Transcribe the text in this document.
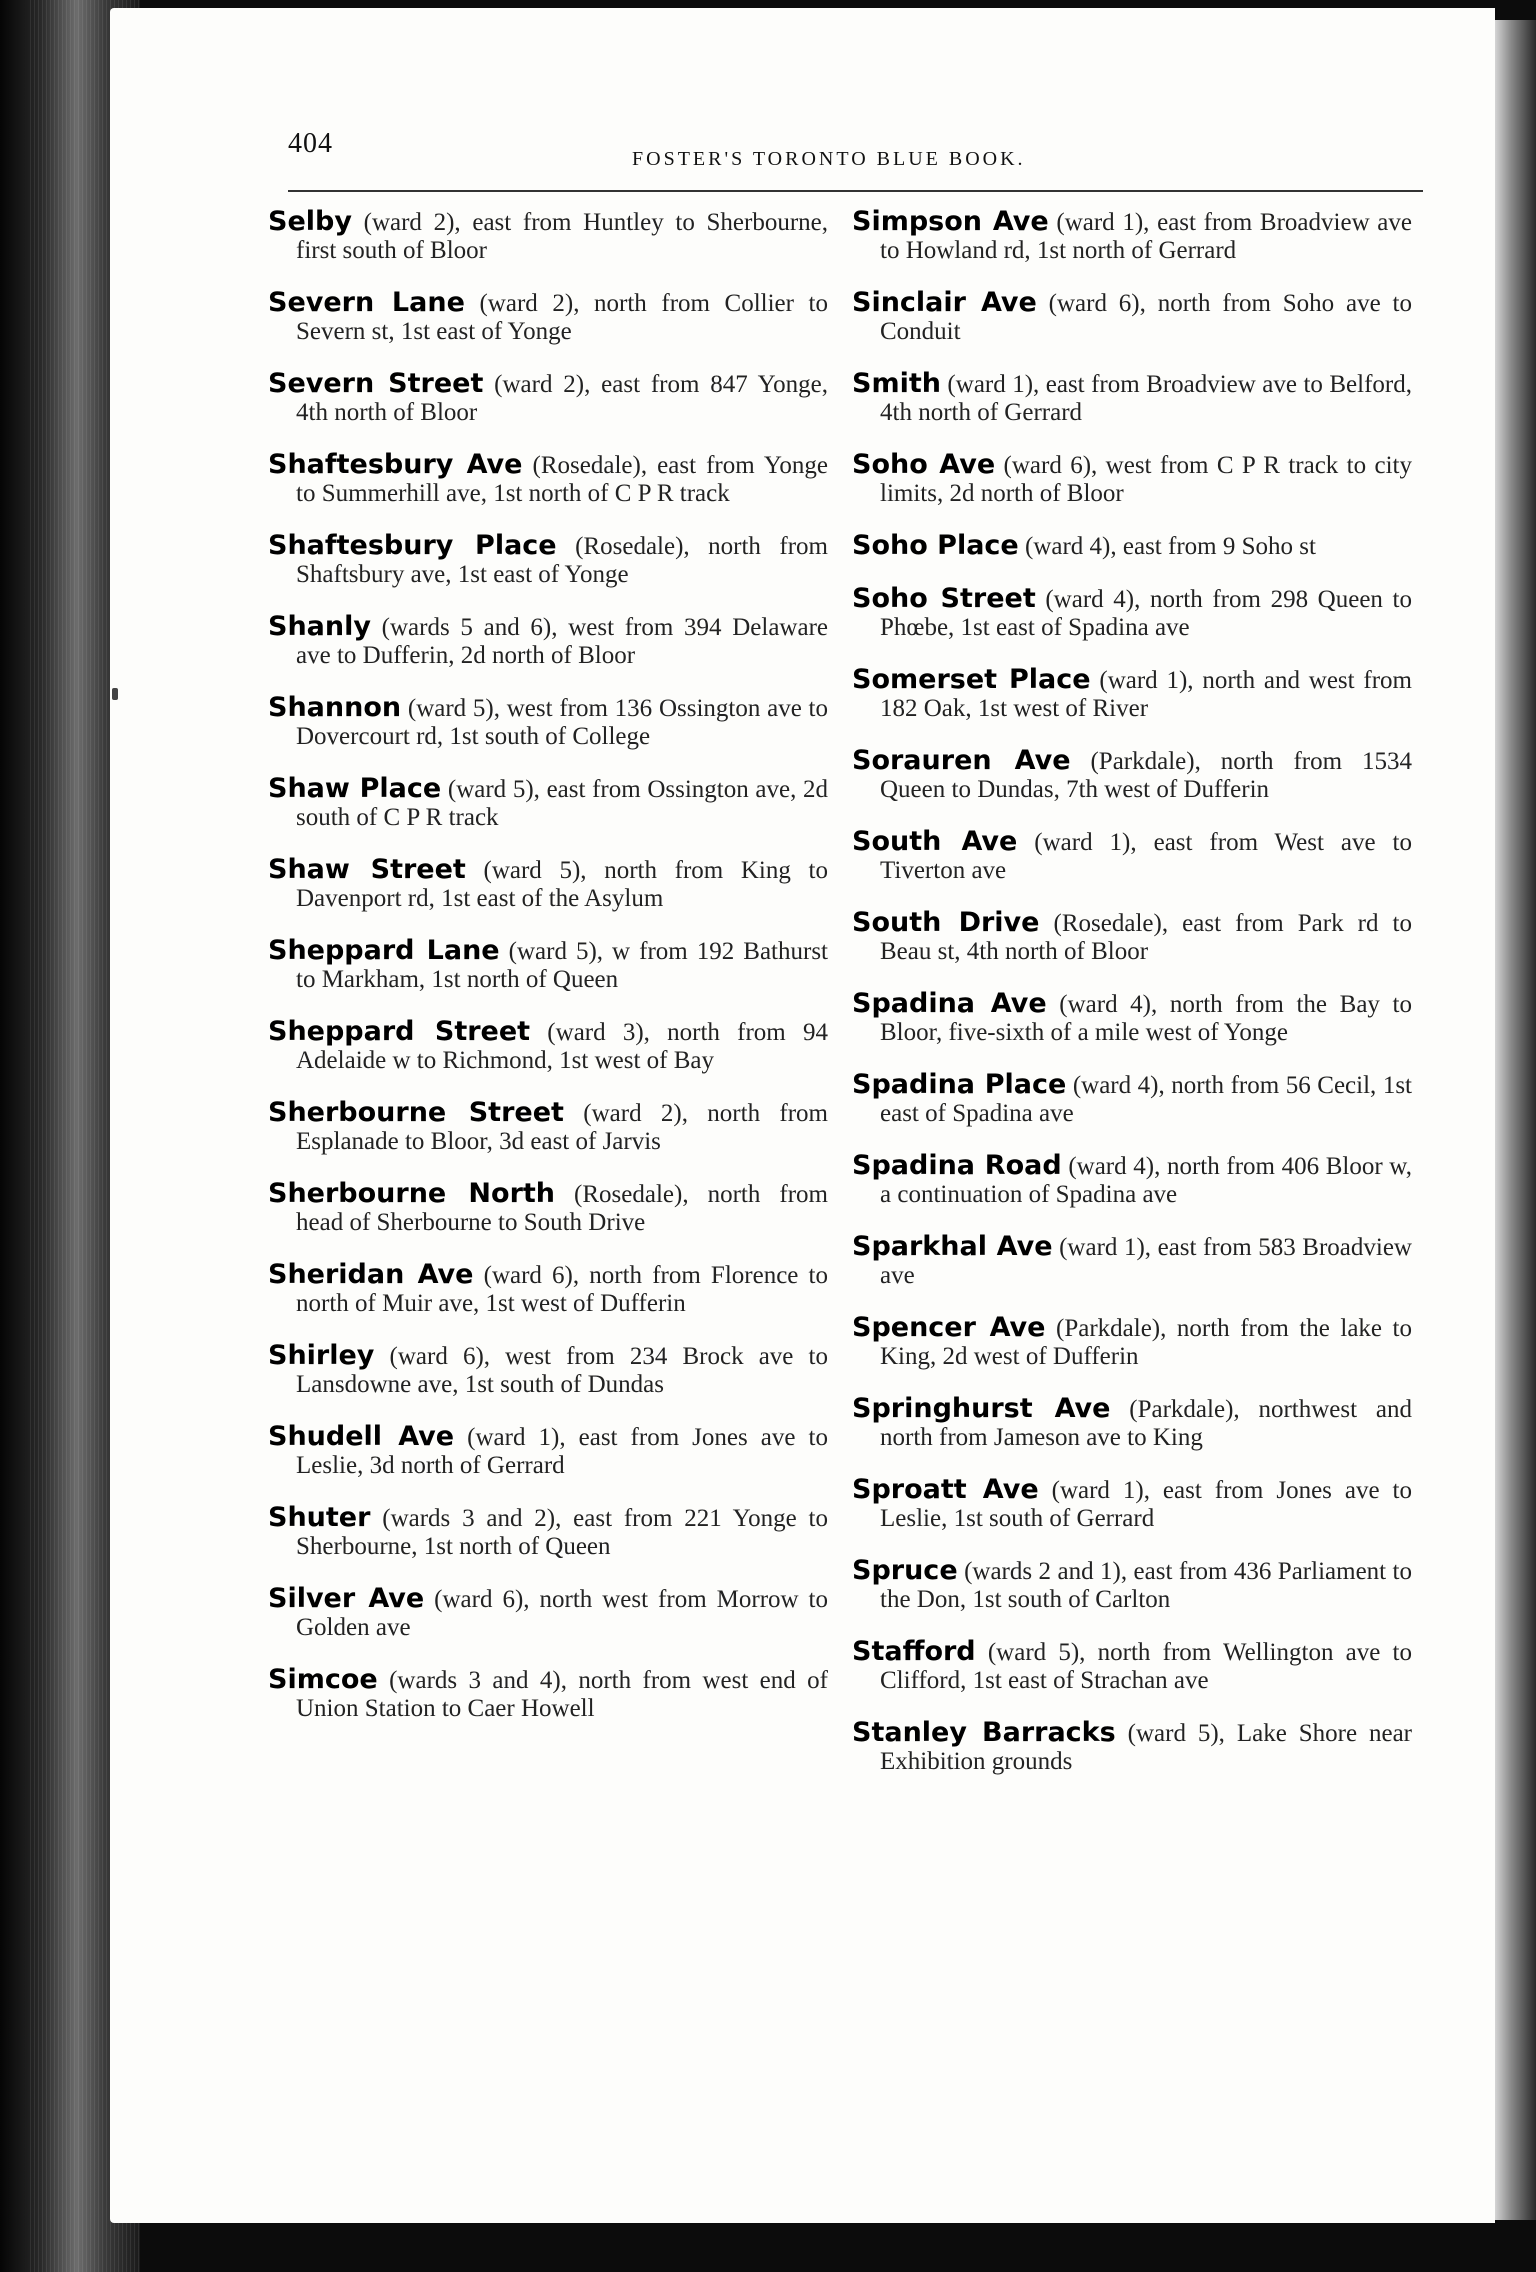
404	FOSTER'S TORONTO BLUE BOOK.

Selby (ward 2), east from Huntley to Sherbourne, first south of Bloor

Severn Lane (ward 2), north from Collier to Severn st, 1st east of Yonge

Severn Street (ward 2), east from 847 Yonge, 4th north of Bloor

Shaftesbury Ave (Rosedale), east from Yonge to Summerhill ave, 1st north of C P R track

Shaftesbury Place (Rosedale), north from Shaftsbury ave, 1st east of Yonge

Shanly (wards 5 and 6), west from 394 Delaware ave to Dufferin, 2d north of Bloor

Shannon (ward 5), west from 136 Ossington ave to Dovercourt rd, 1st south of College

Shaw Place (ward 5), east from Ossington ave, 2d south of C P R track

Shaw Street (ward 5), north from King to Davenport rd, 1st east of the Asylum

Sheppard Lane (ward 5), w from 192 Bathurst to Markham, 1st north of Queen

Sheppard Street (ward 3), north from 94 Adelaide w to Richmond, 1st west of Bay

Sherbourne Street (ward 2), north from Esplanade to Bloor, 3d east of Jarvis

Sherbourne North (Rosedale), north from head of Sherbourne to South Drive

Sheridan Ave (ward 6), north from Florence to north of Muir ave, 1st west of Dufferin

Shirley (ward 6), west from 234 Brock ave to Lansdowne ave, 1st south of Dundas

Shudell Ave (ward 1), east from Jones ave to Leslie, 3d north of Gerrard

Shuter (wards 3 and 2), east from 221 Yonge to Sherbourne, 1st north of Queen

Silver Ave (ward 6), north west from Morrow to Golden ave

Simcoe (wards 3 and 4), north from west end of Union Station to Caer Howell

Simpson Ave (ward 1), east from Broadview ave to Howland rd, 1st north of Gerrard

Sinclair Ave (ward 6), north from Soho ave to Conduit

Smith (ward 1), east from Broadview ave to Belford, 4th north of Gerrard

Soho Ave (ward 6), west from C P R track to city limits, 2d north of Bloor

Soho Place (ward 4), east from 9 Soho st

Soho Street (ward 4), north from 298 Queen to Phœbe, 1st east of Spadina ave

Somerset Place (ward 1), north and west from 182 Oak, 1st west of River

Sorauren Ave (Parkdale), north from 1534 Queen to Dundas, 7th west of Dufferin

South Ave (ward 1), east from West ave to Tiverton ave

South Drive (Rosedale), east from Park rd to Beau st, 4th north of Bloor

Spadina Ave (ward 4), north from the Bay to Bloor, five-sixth of a mile west of Yonge

Spadina Place (ward 4), north from 56 Cecil, 1st east of Spadina ave

Spadina Road (ward 4), north from 406 Bloor w, a continuation of Spadina ave

Sparkhal Ave (ward 1), east from 583 Broadview ave

Spencer Ave (Parkdale), north from the lake to King, 2d west of Dufferin

Springhurst Ave (Parkdale), northwest and north from Jameson ave to King

Sproatt Ave (ward 1), east from Jones ave to Leslie, 1st south of Gerrard

Spruce (wards 2 and 1), east from 436 Parliament to the Don, 1st south of Carlton

Stafford (ward 5), north from Wellington ave to Clifford, 1st east of Strachan ave

Stanley Barracks (ward 5), Lake Shore near Exhibition grounds
